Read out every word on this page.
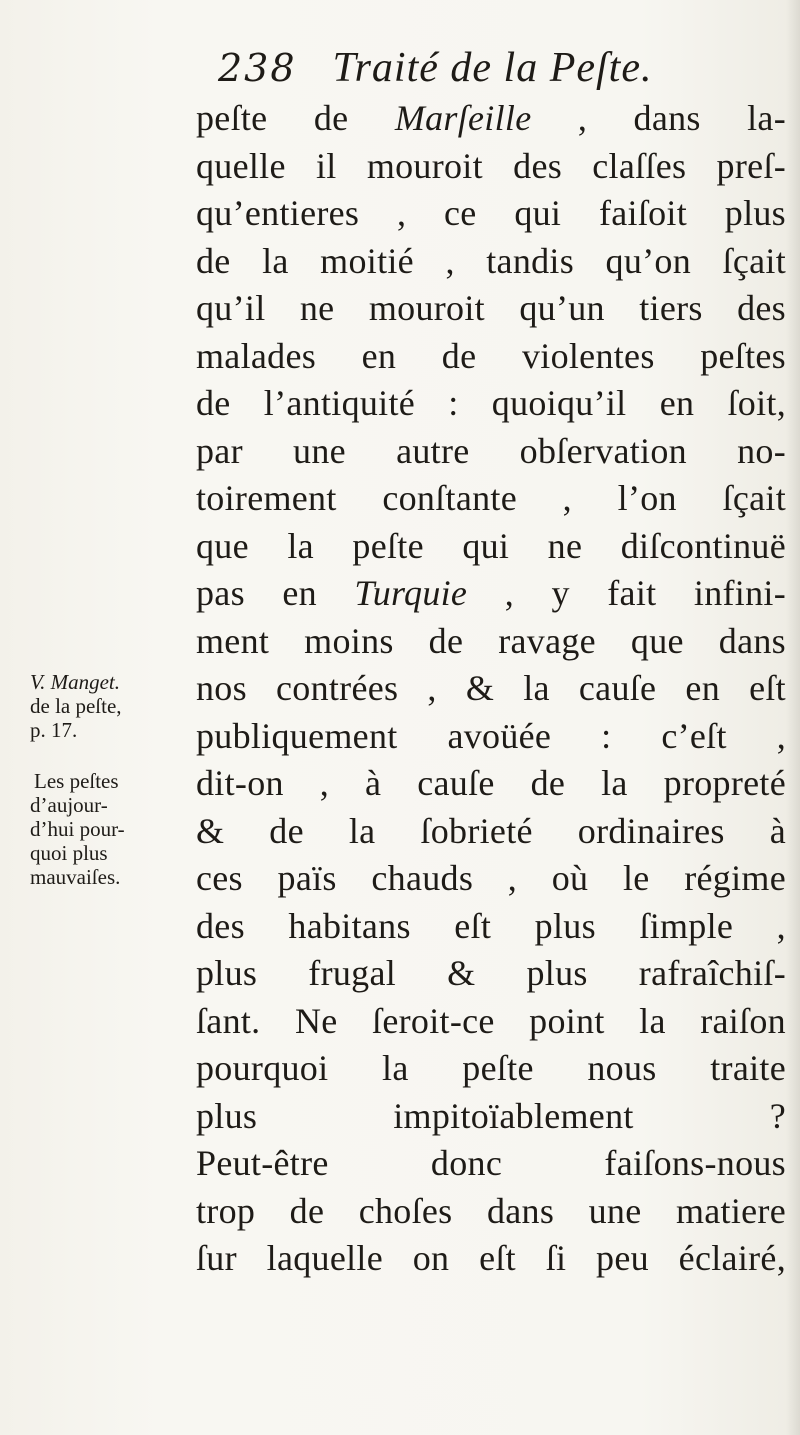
238 Traité de la Peſte.
V. Manget.
de la peſte,
p. 17.
Les peſtes
d’aujour-
d’hui pour-
quoi plus
mauvaiſes.
peſte de Marſeille , dans la-
quelle il mouroit des claſſes preſ-
qu’entieres , ce qui faiſoit plus
de la moitié , tandis qu’on ſçait
qu’il ne mouroit qu’un tiers des
malades en de violentes peſtes
de l’antiquité : quoiqu’il en ſoit,
par une autre obſervation no-
toirement conſtante , l’on ſçait
que la peſte qui ne diſcontinuë
pas en Turquie , y fait infini-
ment moins de ravage que dans
nos contrées , & la cauſe en eſt
publiquement avoüée : c’eſt ,
dit-on , à cauſe de la propreté
& de la ſobrieté ordinaires à
ces païs chauds , où le régime
des habitans eſt plus ſimple ,
plus frugal & plus rafraîchiſ-
ſant. Ne ſeroit-ce point la raiſon
pourquoi la peſte nous traite
plus impitoïablement ?
Peut-être donc faiſons-nous
trop de choſes dans une matiere
ſur laquelle on eſt ſi peu éclairé,
